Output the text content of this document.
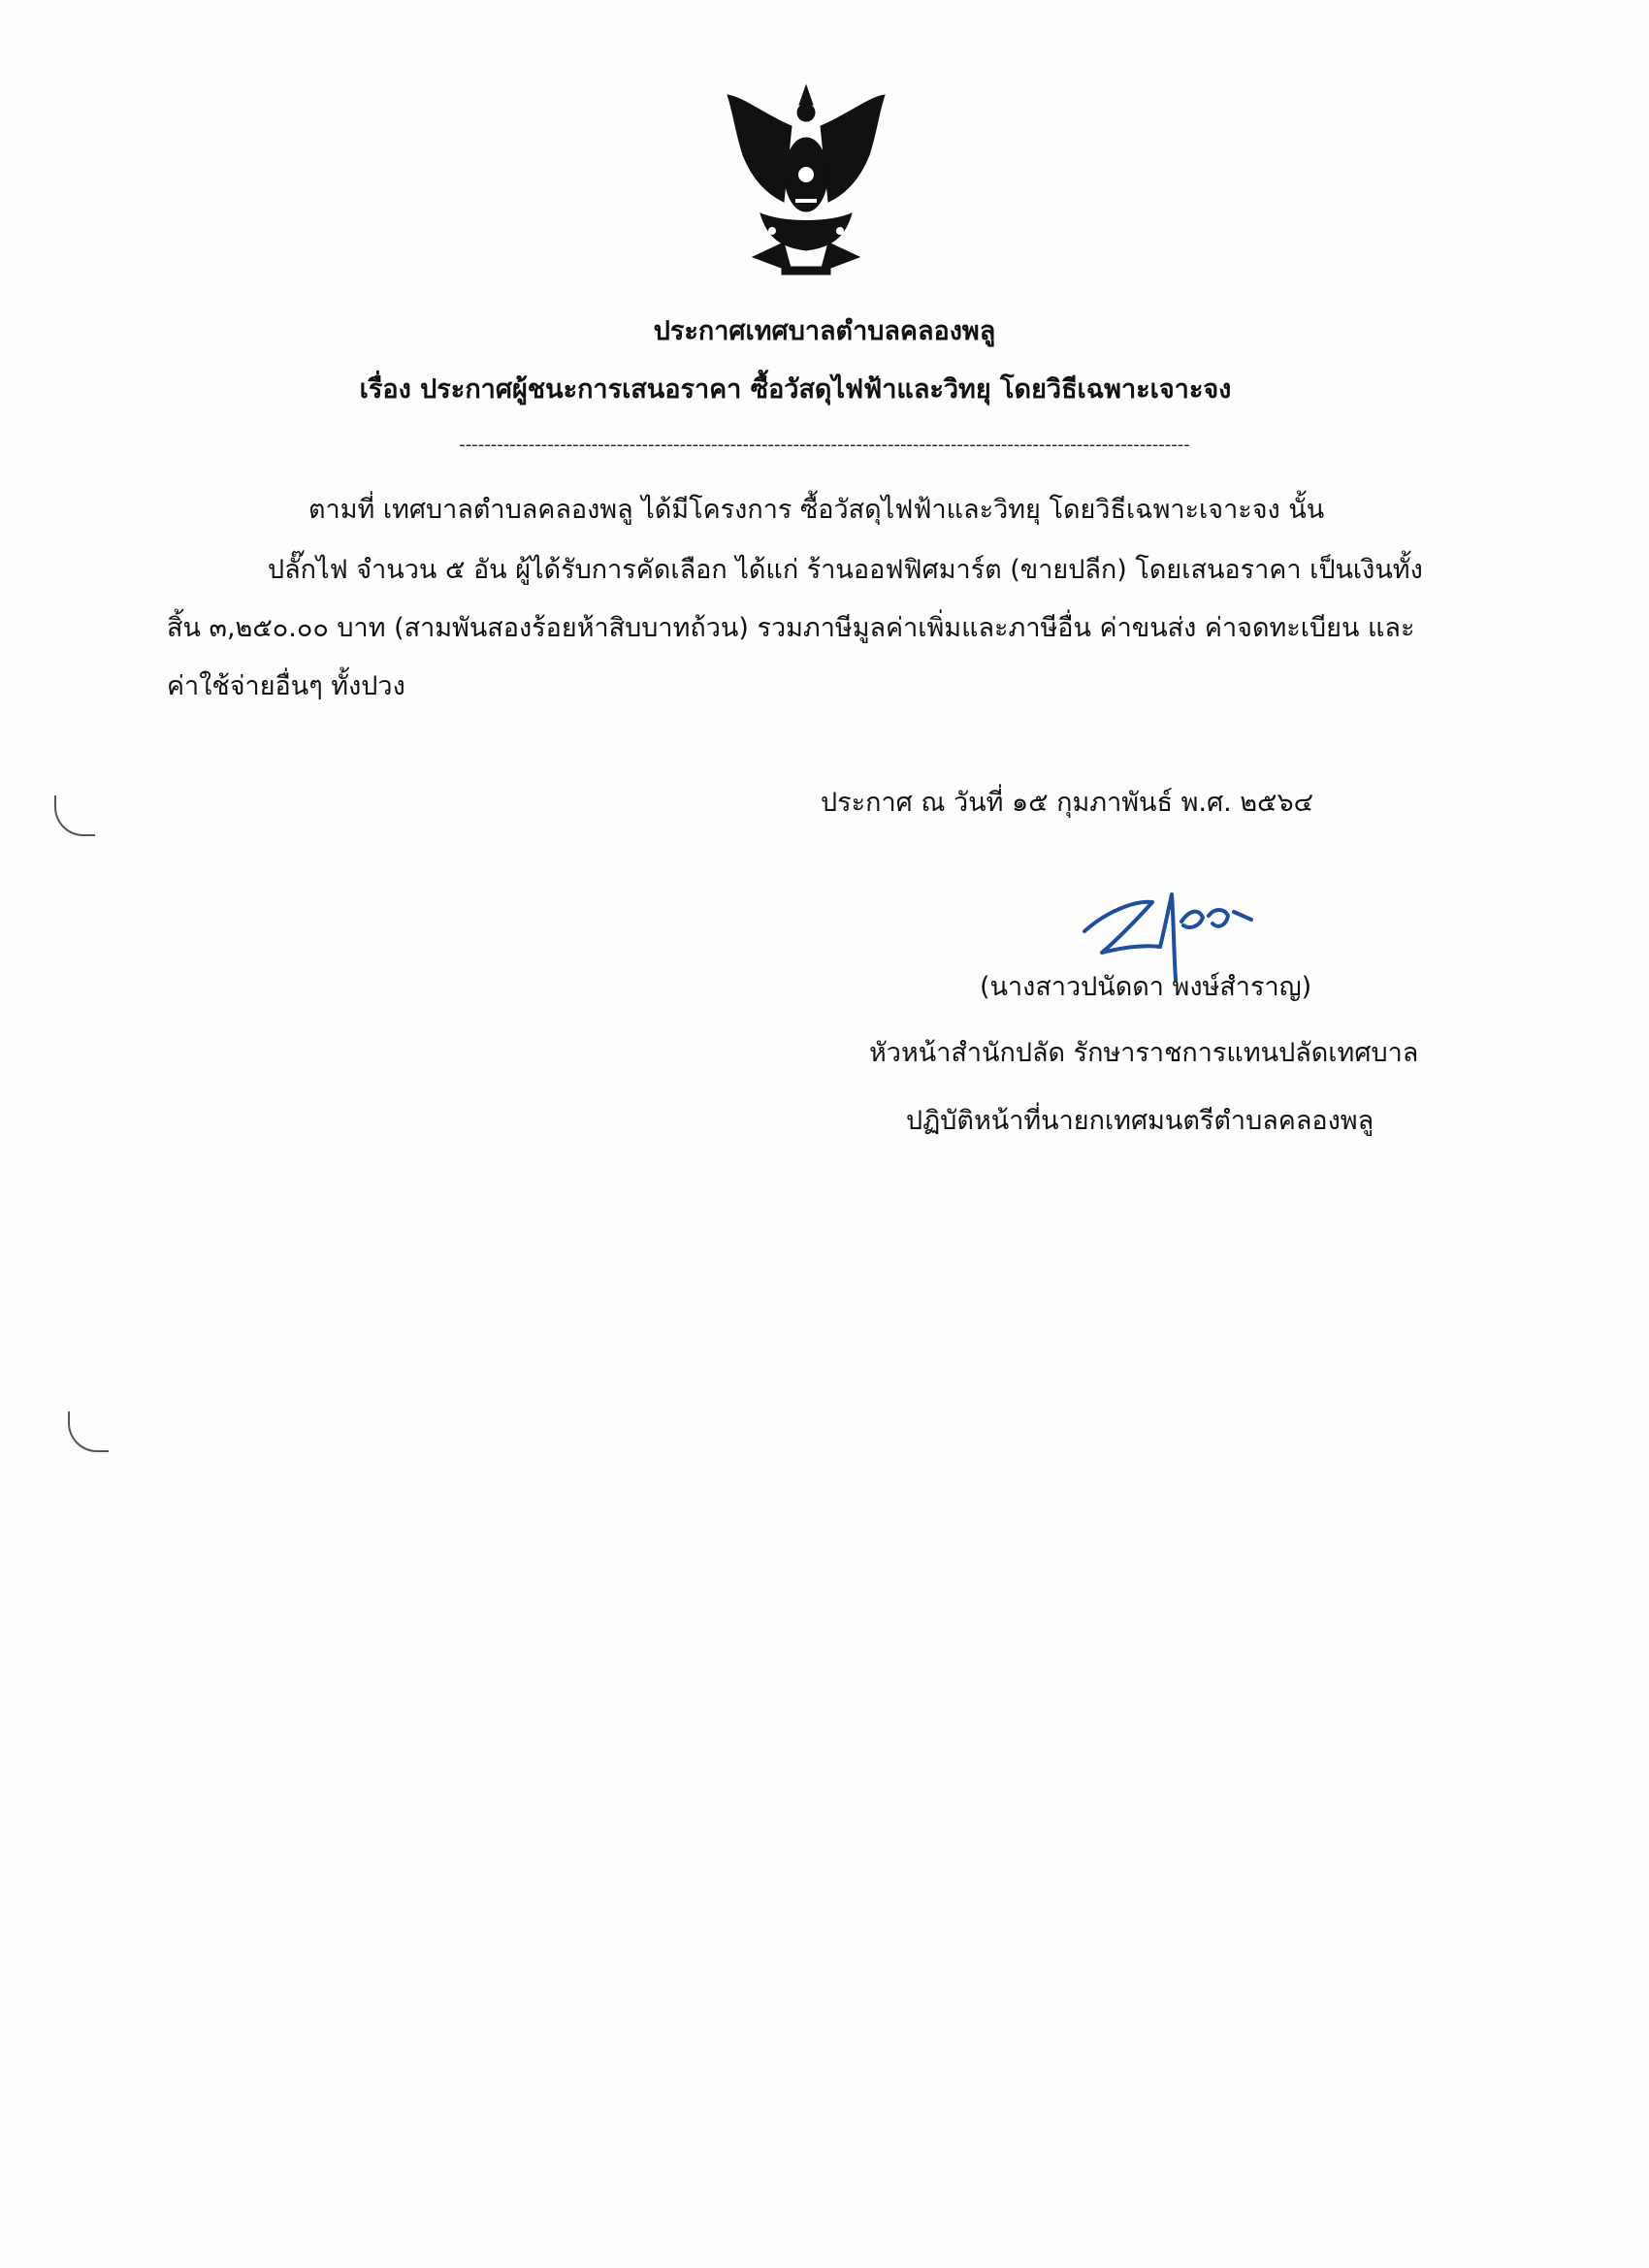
ประกาศเทศบาลตำบลคลองพลู
เรื่อง ประกาศผู้ชนะการเสนอราคา ซื้อวัสดุไฟฟ้าและวิทยุ โดยวิธีเฉพาะเจาะจง
--------------------------------------------------------------------------------------------------------------------
ตามที่ เทศบาลตำบลคลองพลู ได้มีโครงการ ซื้อวัสดุไฟฟ้าและวิทยุ โดยวิธีเฉพาะเจาะจง นั้น
ปลั๊กไฟ จำนวน ๕ อัน ผู้ได้รับการคัดเลือก ได้แก่ ร้านออฟฟิศมาร์ต (ขายปลีก) โดยเสนอราคา เป็นเงินทั้ง
สิ้น ๓,๒๕๐.๐๐ บาท (สามพันสองร้อยห้าสิบบาทถ้วน) รวมภาษีมูลค่าเพิ่มและภาษีอื่น ค่าขนส่ง ค่าจดทะเบียน และ
ค่าใช้จ่ายอื่นๆ ทั้งปวง
ประกาศ ณ วันที่ ๑๕ กุมภาพันธ์ พ.ศ. ๒๕๖๔
(นางสาวปนัดดา พงษ์สำราญ)
หัวหน้าสำนักปลัด รักษาราชการแทนปลัดเทศบาล
ปฏิบัติหน้าที่นายกเทศมนตรีตำบลคลองพลู
